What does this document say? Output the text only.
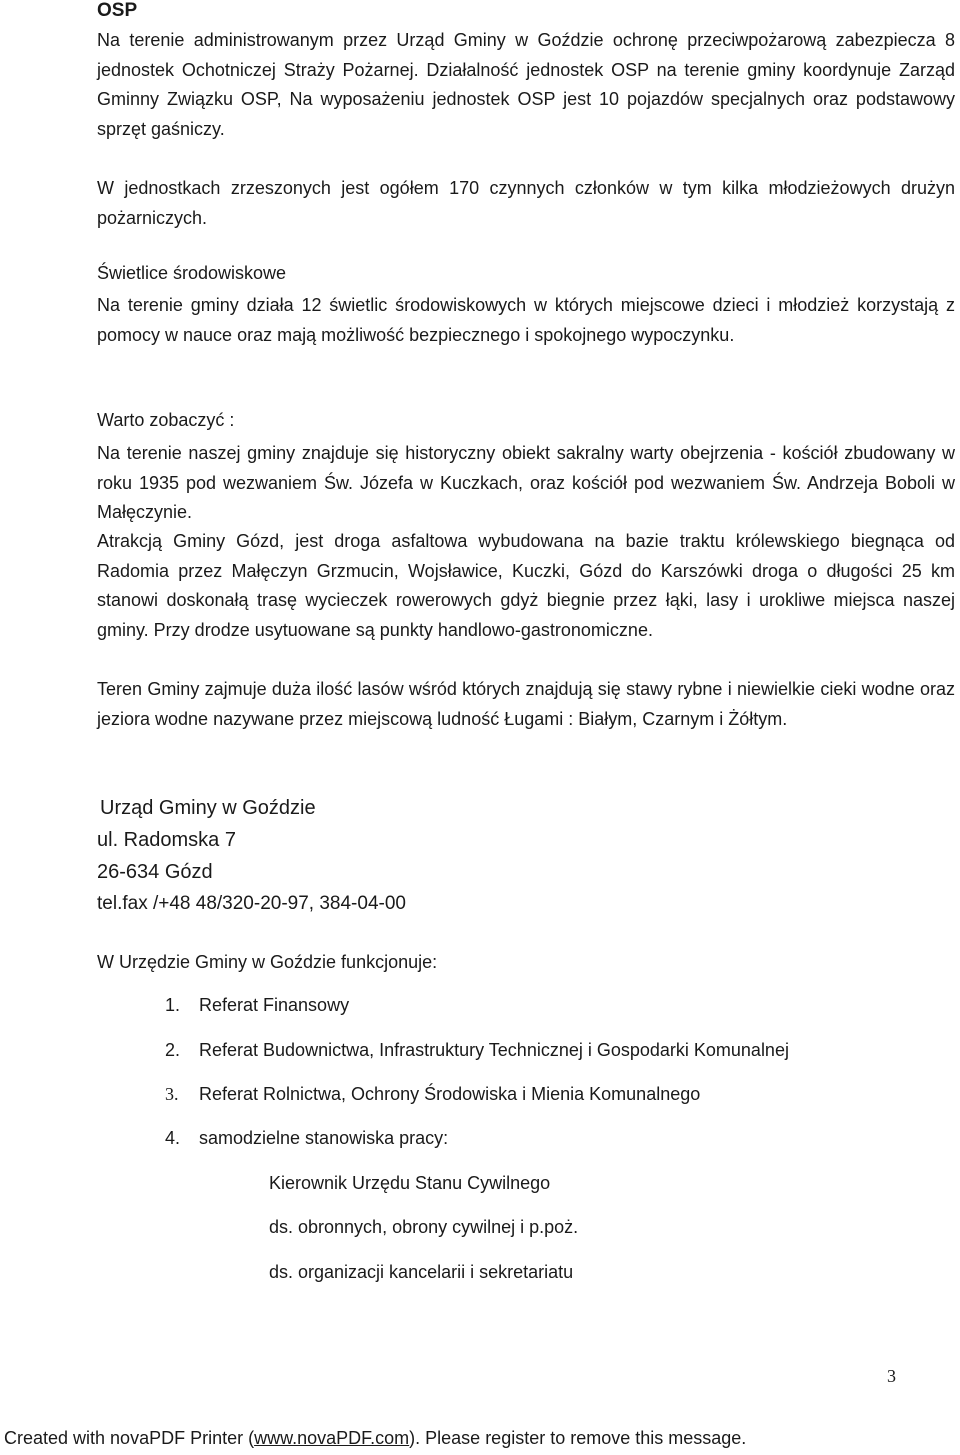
OSP

Na terenie administrowanym przez Urząd Gminy w Goździe ochronę przeciwpożarową zabezpiecza 8 jednostek Ochotniczej Straży Pożarnej. Działalność jednostek OSP na terenie gminy koordynuje Zarząd Gminny Związku OSP, Na wyposażeniu jednostek OSP jest 10 pojazdów specjalnych oraz podstawowy sprzęt gaśniczy.

W jednostkach zrzeszonych jest ogółem 170 czynnych członków w tym kilka młodzieżowych drużyn pożarniczych.

Świetlice środowiskowe

Na terenie gminy działa 12 świetlic środowiskowych w których miejscowe dzieci i młodzież korzystają z pomocy w nauce oraz mają możliwość bezpiecznego i spokojnego wypoczynku.

Warto zobaczyć :

Na terenie naszej gminy znajduje się historyczny obiekt sakralny warty obejrzenia - kościół zbudowany w roku 1935 pod wezwaniem Św. Józefa w Kuczkach, oraz kościół pod wezwaniem Św. Andrzeja Boboli w Małęczynie.

Atrakcją Gminy Gózd, jest droga asfaltowa wybudowana na bazie traktu królewskiego biegnąca od Radomia przez Małęczyn Grzmucin, Wojsławice, Kuczki, Gózd do Karszówki droga o długości 25 km stanowi doskonałą trasę wycieczek rowerowych gdyż biegnie przez łąki, lasy i urokliwe miejsca naszej gminy. Przy drodze usytuowane są punkty handlowo-gastronomiczne.

Teren Gminy zajmuje duża ilość lasów wśród których znajdują się stawy rybne i niewielkie cieki wodne oraz jeziora wodne nazywane przez miejscową ludność Ługami : Białym, Czarnym i Żółtym.

Urząd Gminy w Goździe
ul. Radomska 7
26-634 Gózd
tel.fax /+48 48/320-20-97, 384-04-00
W Urzędzie Gminy w Goździe funkcjonuje:
1. Referat Finansowy
2. Referat Budownictwa, Infrastruktury Technicznej i Gospodarki Komunalnej
3. Referat Rolnictwa, Ochrony Środowiska i Mienia Komunalnego
4. samodzielne stanowiska pracy:
Kierownik Urzędu Stanu Cywilnego
ds. obronnych, obrony cywilnej i p.poż.
ds. organizacji kancelarii i sekretariatu
3
Created with novaPDF Printer (www.novaPDF.com). Please register to remove this message.
